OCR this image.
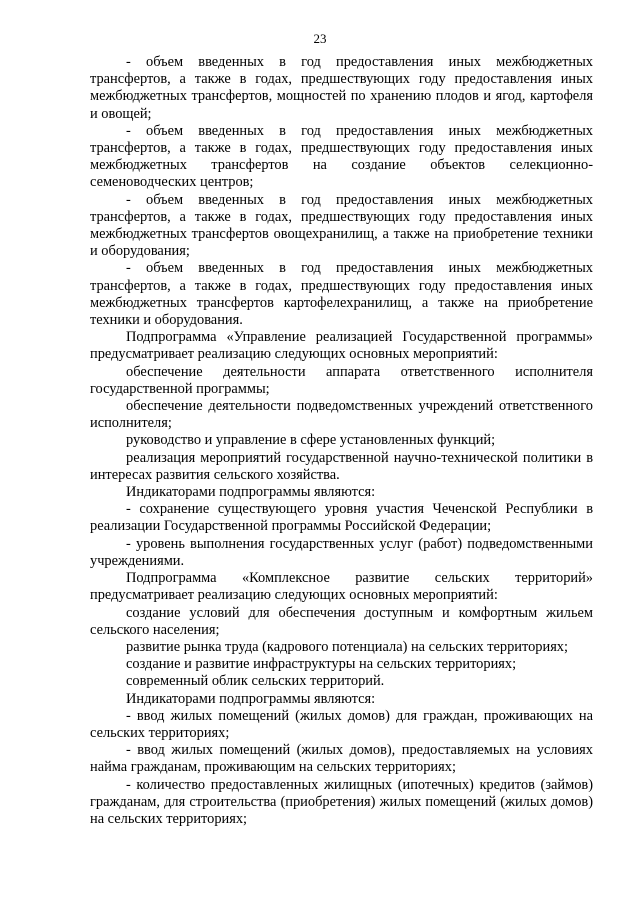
23

- объем введенных в год предоставления иных межбюджетных трансфертов, а также в годах, предшествующих году предоставления иных межбюджетных трансфертов, мощностей по хранению плодов и ягод, картофеля и овощей;

- объем введенных в год предоставления иных межбюджетных трансфертов, а также в годах, предшествующих году предоставления иных межбюджетных трансфертов на создание объектов селекционно-семеноводческих центров;

- объем введенных в год предоставления иных межбюджетных трансфертов, а также в годах, предшествующих году предоставления иных межбюджетных трансфертов овощехранилищ, а также на приобретение техники и оборудования;

- объем введенных в год предоставления иных межбюджетных трансфертов, а также в годах, предшествующих году предоставления иных межбюджетных трансфертов картофелехранилищ, а также на приобретение техники и оборудования.

Подпрограмма «Управление реализацией Государственной программы» предусматривает реализацию следующих основных мероприятий:

обеспечение деятельности аппарата ответственного исполнителя государственной программы;

обеспечение деятельности подведомственных учреждений ответственного исполнителя;

руководство и управление в сфере установленных функций;

реализация мероприятий государственной научно-технической политики в интересах развития сельского хозяйства.

Индикаторами подпрограммы являются:

- сохранение существующего уровня участия Чеченской Республики в реализации Государственной программы Российской Федерации;

- уровень выполнения государственных услуг (работ) подведомственными учреждениями.

Подпрограмма «Комплексное развитие сельских территорий» предусматривает реализацию следующих основных мероприятий:

создание условий для обеспечения доступным и комфортным жильем сельского населения;

развитие рынка труда (кадрового потенциала) на сельских территориях;

создание и развитие инфраструктуры на сельских территориях;

современный облик сельских территорий.

Индикаторами подпрограммы являются:

- ввод жилых помещений (жилых домов) для граждан, проживающих на сельских территориях;

- ввод жилых помещений (жилых домов), предоставляемых на условиях найма гражданам, проживающим на сельских территориях;

- количество предоставленных жилищных (ипотечных) кредитов (займов) гражданам, для строительства (приобретения) жилых помещений (жилых домов) на сельских территориях;
